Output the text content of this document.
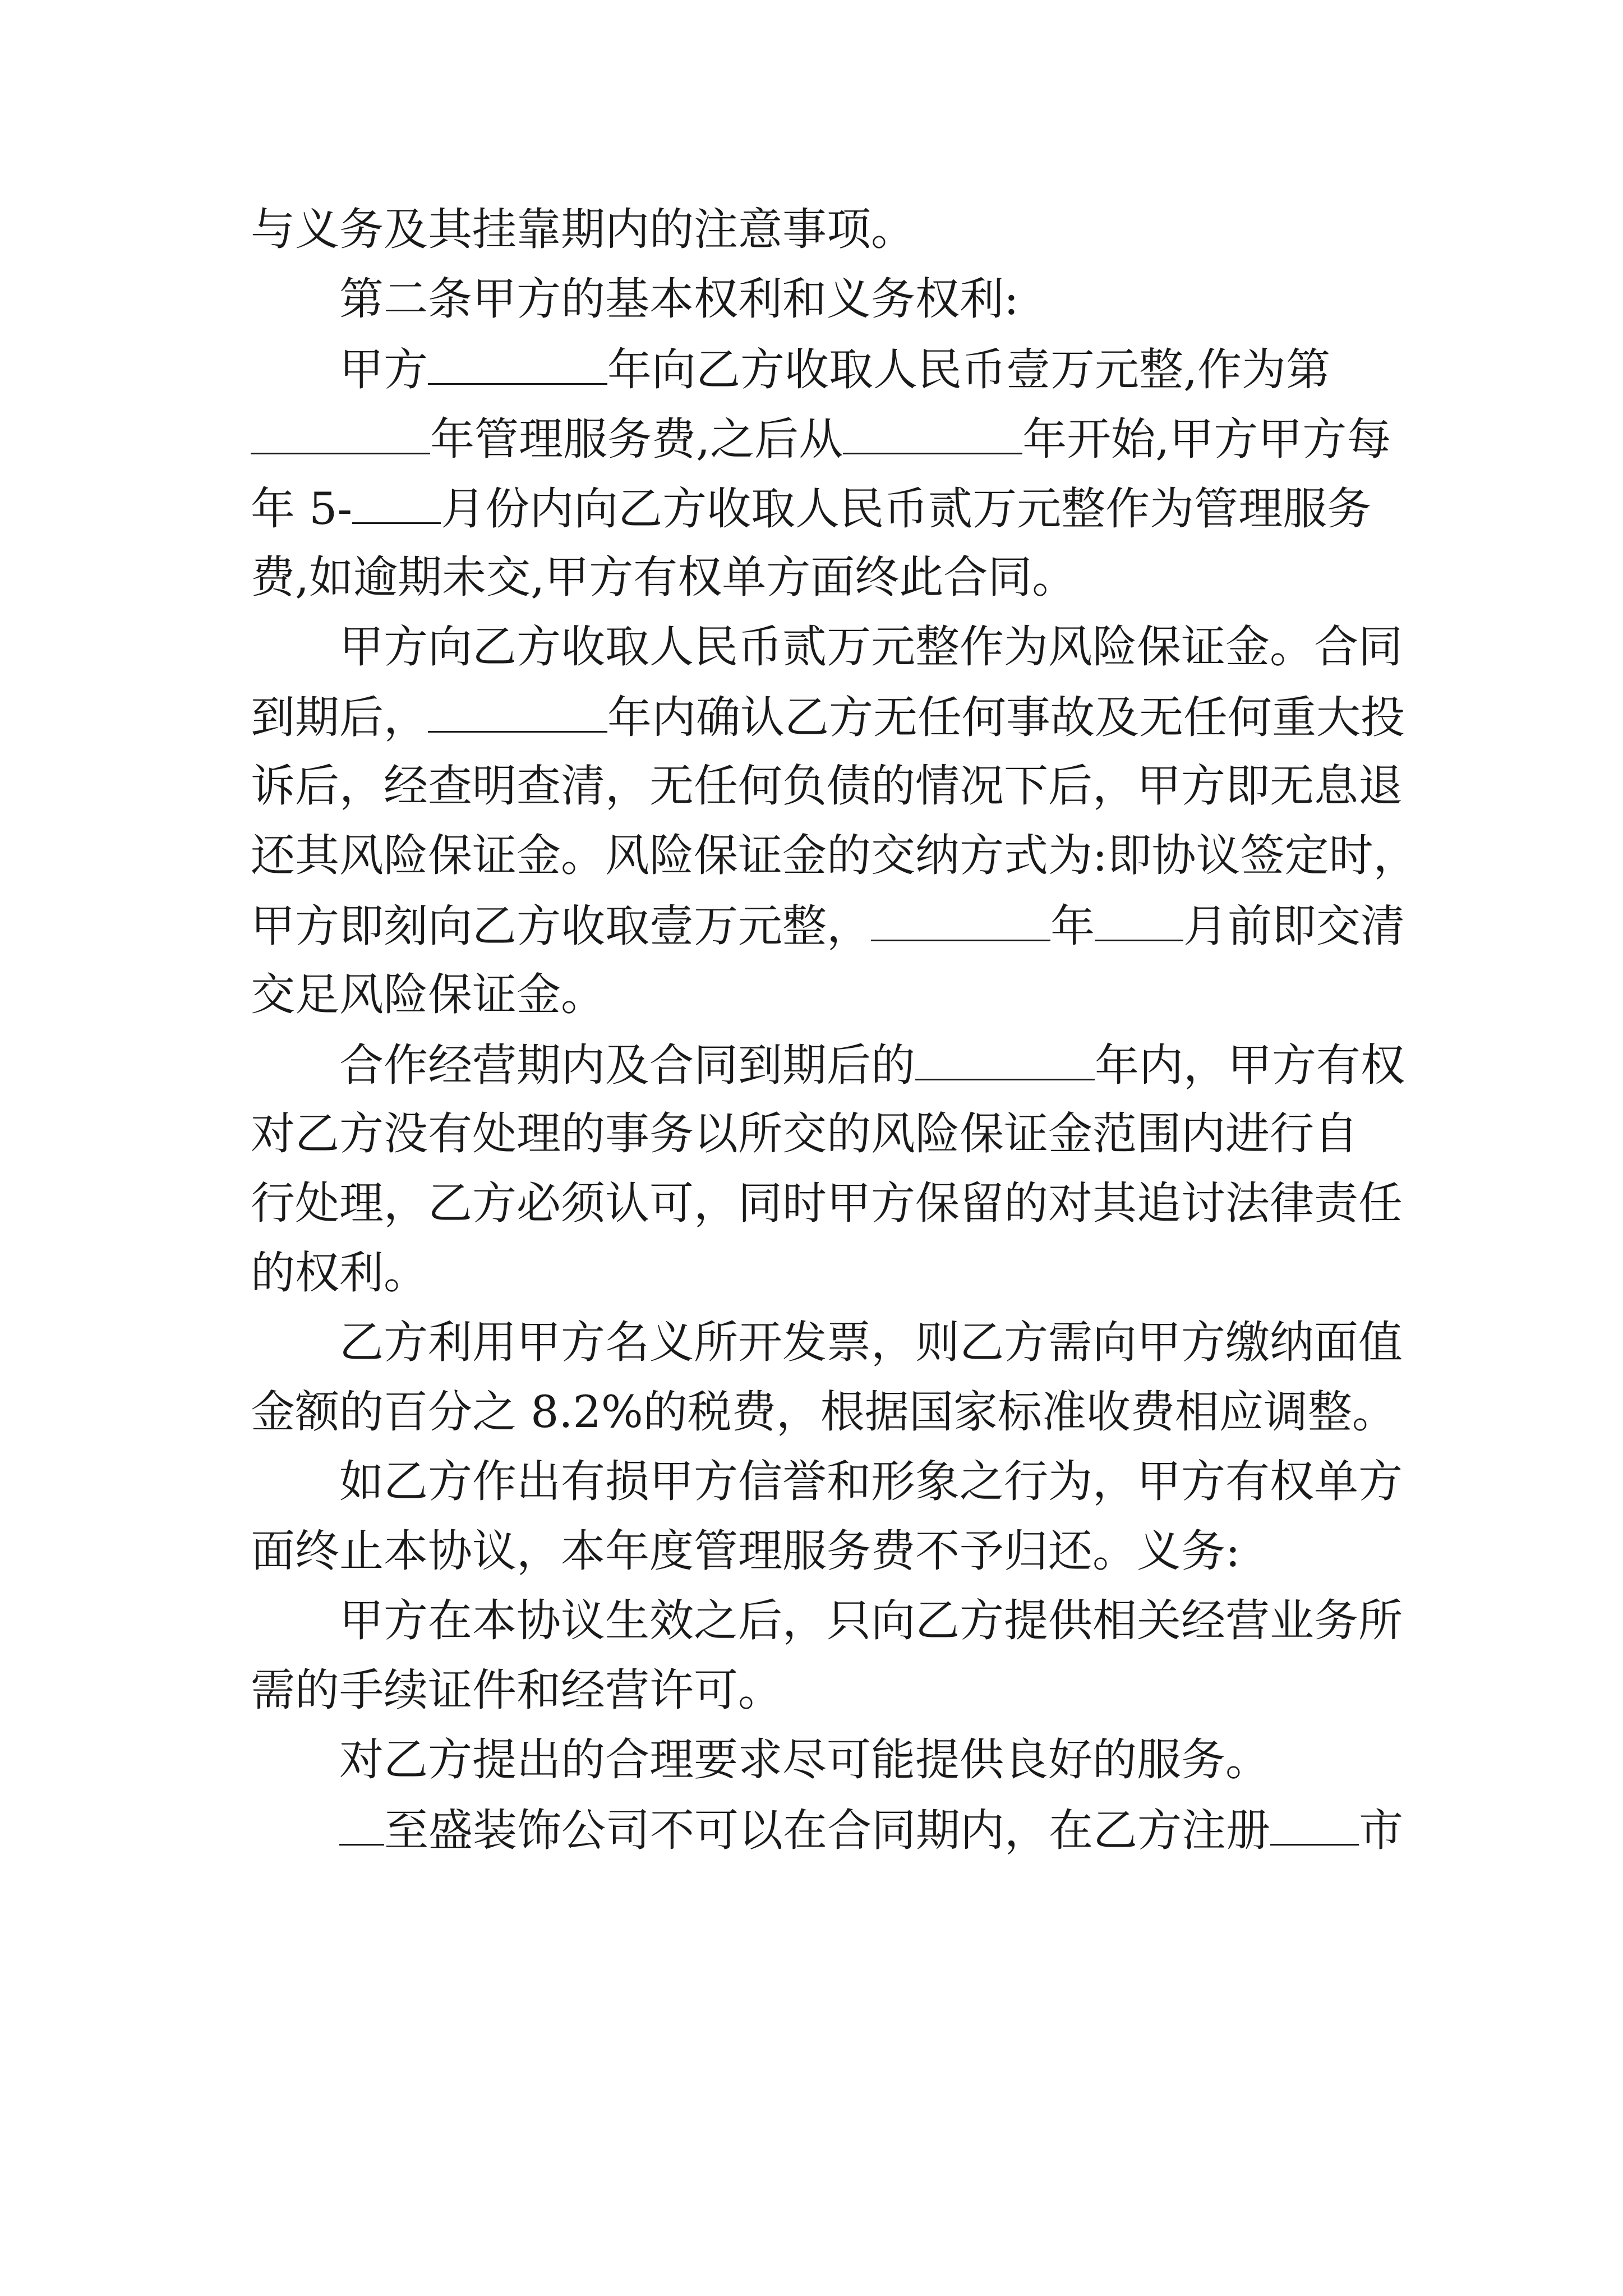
与义务及其挂靠期内的注意事项。
第二条甲方的基本权利和义务权利:
甲方	年向乙方收取人民币壹万元整,作为第
年管理服务费,之后从	年开始,甲方甲方每
年 5- 月份内向乙方收取人民币贰万元整作为管理服务
费,如逾期未交,甲方有权单方面终此合同。
甲方向乙方收取人民币贰万元整作为风险保证金。合同
到期后，	年内确认乙方无任何事故及无任何重大投
诉后，经查明查清，无任何负债的情况下后，甲方即无息退
还其风险保证金。风险保证金的交纳方式为:即协议签定时，
甲方即刻向乙方收取壹万元整，	年 月前即交清
交足风险保证金。
合作经营期内及合同到期后的	年内，甲方有权
对乙方没有处理的事务以所交的风险保证金范围内进行自
行处理，乙方必须认可，同时甲方保留的对其追讨法律责任
的权利。
乙方利用甲方名义所开发票，则乙方需向甲方缴纳面值
金额的百分之 8.2%的税费，根据国家标准收费相应调整。
如乙方作出有损甲方信誉和形象之行为，甲方有权单方
面终止本协议，本年度管理服务费不予归还。义务:
甲方在本协议生效之后，只向乙方提供相关经营业务所
需的手续证件和经营许可。
对乙方提出的合理要求尽可能提供良好的服务。
至盛装饰公司不可以在合同期内，在乙方注册 市
